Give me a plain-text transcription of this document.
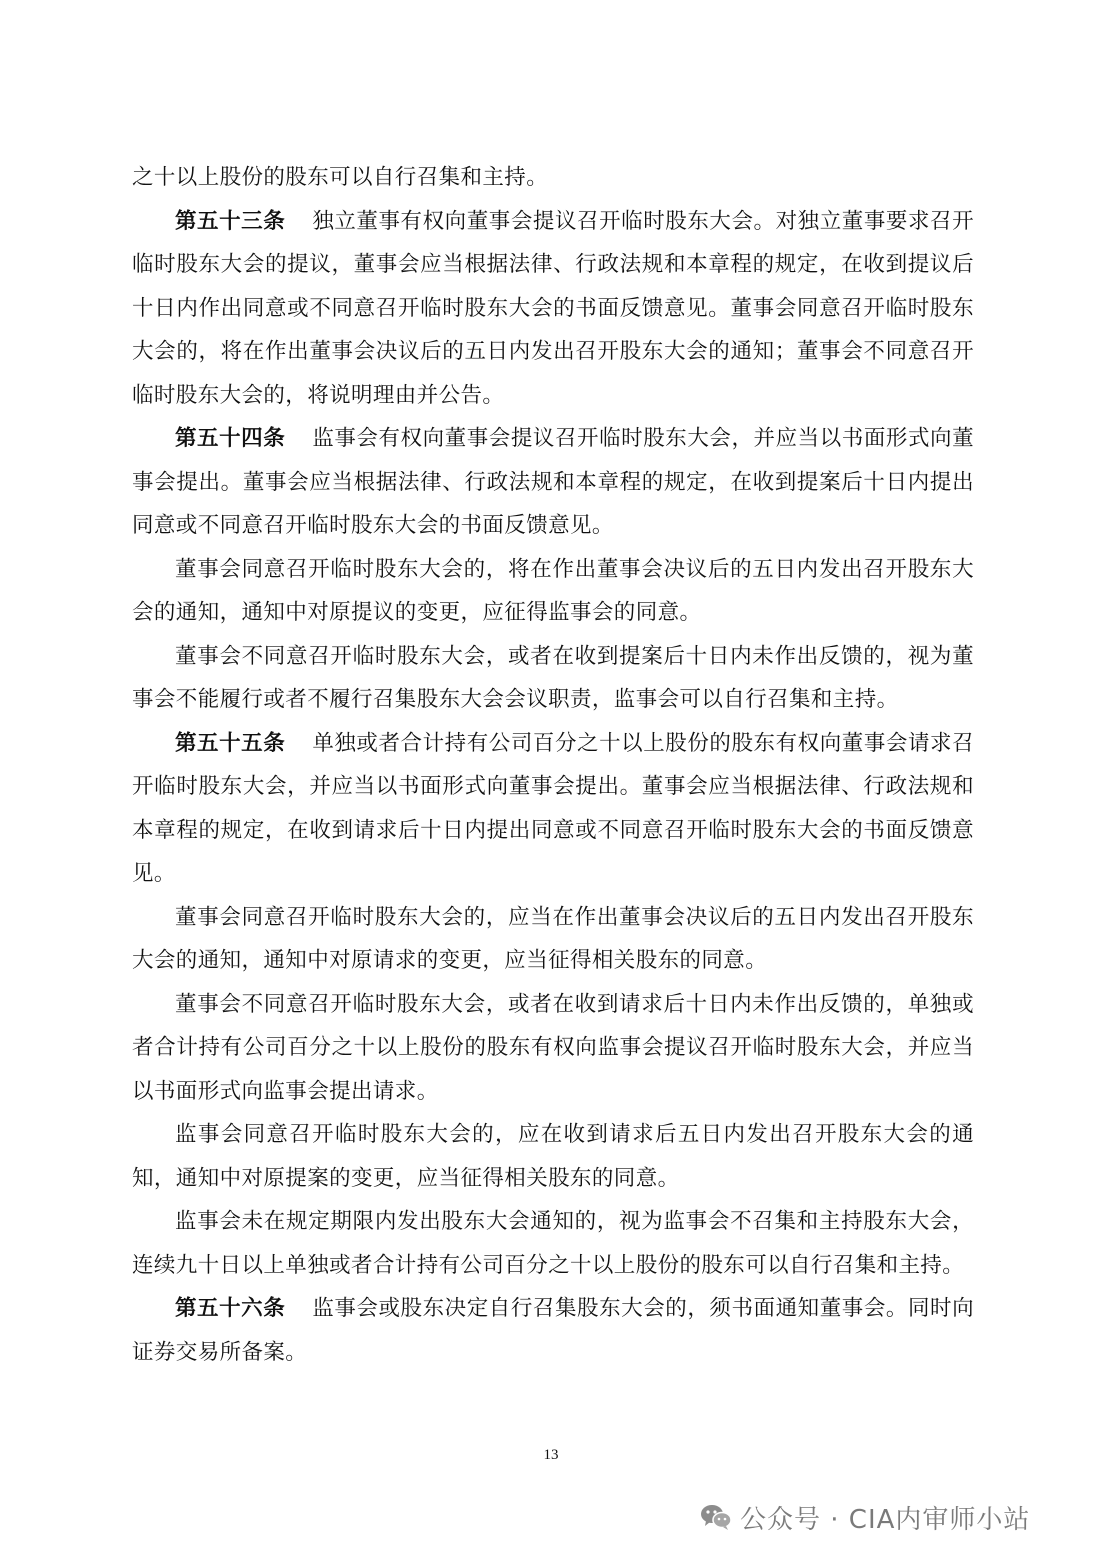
之十以上股份的股东可以自行召集和主持。

第五十三条 独立董事有权向董事会提议召开临时股东大会。对独立董事要求召开临时股东大会的提议，董事会应当根据法律、行政法规和本章程的规定，在收到提议后十日内作出同意或不同意召开临时股东大会的书面反馈意见。董事会同意召开临时股东大会的，将在作出董事会决议后的五日内发出召开股东大会的通知；董事会不同意召开临时股东大会的，将说明理由并公告。

第五十四条 监事会有权向董事会提议召开临时股东大会，并应当以书面形式向董事会提出。董事会应当根据法律、行政法规和本章程的规定，在收到提案后十日内提出同意或不同意召开临时股东大会的书面反馈意见。

董事会同意召开临时股东大会的，将在作出董事会决议后的五日内发出召开股东大会的通知，通知中对原提议的变更，应征得监事会的同意。

董事会不同意召开临时股东大会，或者在收到提案后十日内未作出反馈的，视为董事会不能履行或者不履行召集股东大会会议职责，监事会可以自行召集和主持。

第五十五条 单独或者合计持有公司百分之十以上股份的股东有权向董事会请求召开临时股东大会，并应当以书面形式向董事会提出。董事会应当根据法律、行政法规和本章程的规定，在收到请求后十日内提出同意或不同意召开临时股东大会的书面反馈意见。

董事会同意召开临时股东大会的，应当在作出董事会决议后的五日内发出召开股东大会的通知，通知中对原请求的变更，应当征得相关股东的同意。

董事会不同意召开临时股东大会，或者在收到请求后十日内未作出反馈的，单独或者合计持有公司百分之十以上股份的股东有权向监事会提议召开临时股东大会，并应当以书面形式向监事会提出请求。

监事会同意召开临时股东大会的，应在收到请求后五日内发出召开股东大会的通知，通知中对原提案的变更，应当征得相关股东的同意。

监事会未在规定期限内发出股东大会通知的，视为监事会不召集和主持股东大会，连续九十日以上单独或者合计持有公司百分之十以上股份的股东可以自行召集和主持。

第五十六条 监事会或股东决定自行召集股东大会的，须书面通知董事会。同时向证券交易所备案。

13
公众号 · CIA内审师小站
